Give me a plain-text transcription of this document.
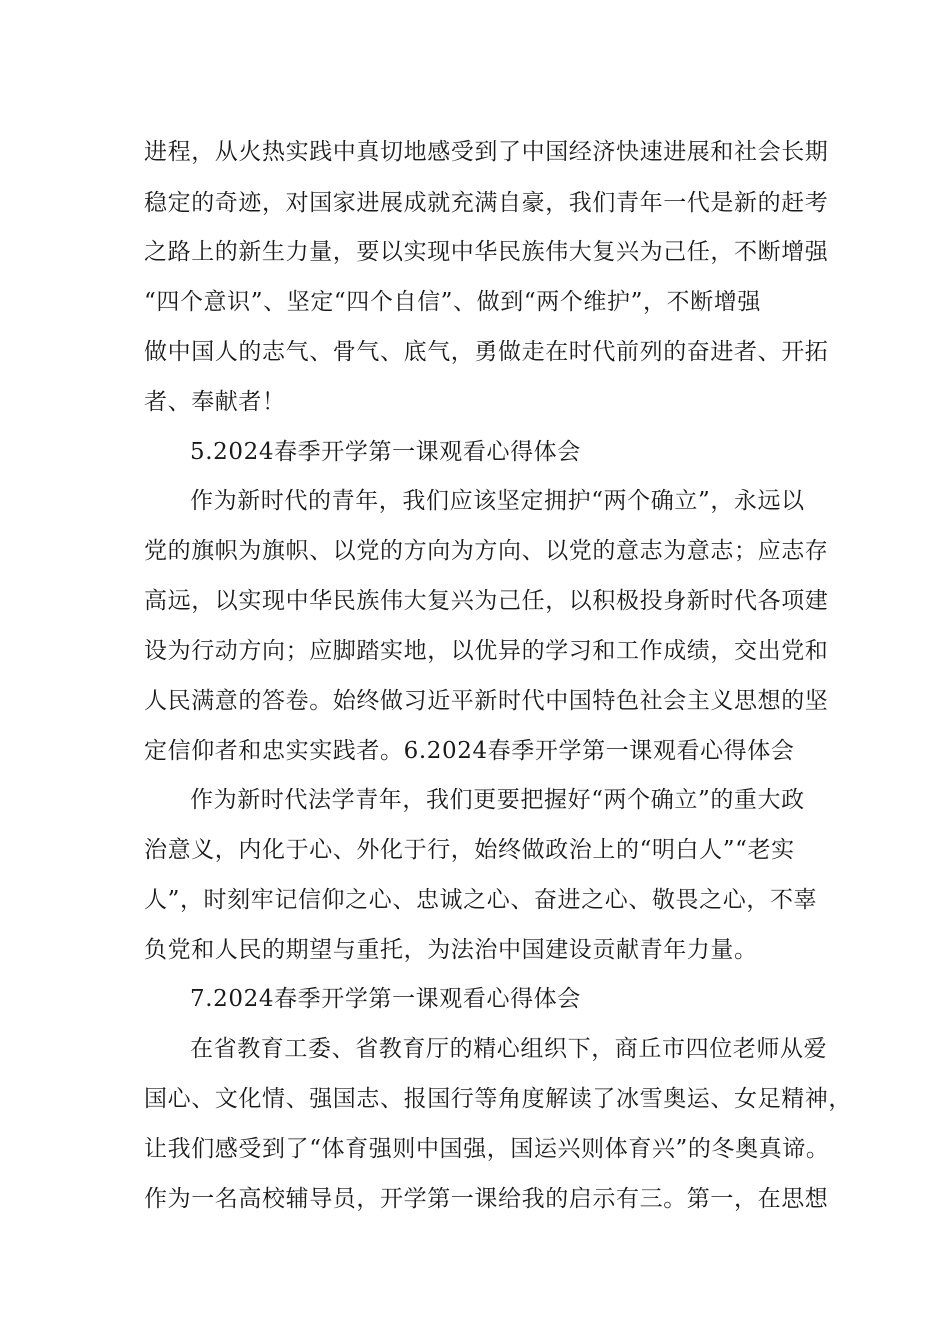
进程，从火热实践中真切地感受到了中国经济快速进展和社会长期
稳定的奇迹，对国家进展成就充满自豪，我们青年一代是新的赶考
之路上的新生力量，要以实现中华民族伟大复兴为己任，不断增强
“四个意识”、坚定“四个自信”、做到“两个维护”，不断增强
做中国人的志气、骨气、底气，勇做走在时代前列的奋进者、开拓
者、奉献者！
5.2024春季开学第一课观看心得体会
作为新时代的青年，我们应该坚定拥护“两个确立”，永远以
党的旗帜为旗帜、以党的方向为方向、以党的意志为意志；应志存
高远，以实现中华民族伟大复兴为己任，以积极投身新时代各项建
设为行动方向；应脚踏实地，以优异的学习和工作成绩，交出党和
人民满意的答卷。始终做习近平新时代中国特色社会主义思想的坚
定信仰者和忠实实践者。6.2024春季开学第一课观看心得体会
作为新时代法学青年，我们更要把握好“两个确立”的重大政
治意义，内化于心、外化于行，始终做政治上的“明白人”“老实
人”，时刻牢记信仰之心、忠诚之心、奋进之心、敬畏之心，不辜
负党和人民的期望与重托，为法治中国建设贡献青年力量。
7.2024春季开学第一课观看心得体会
在省教育工委、省教育厅的精心组织下，商丘市四位老师从爱
国心、文化情、强国志、报国行等角度解读了冰雪奥运、女足精神，
让我们感受到了“体育强则中国强，国运兴则体育兴”的冬奥真谛。
作为一名高校辅导员，开学第一课给我的启示有三。第一，在思想
